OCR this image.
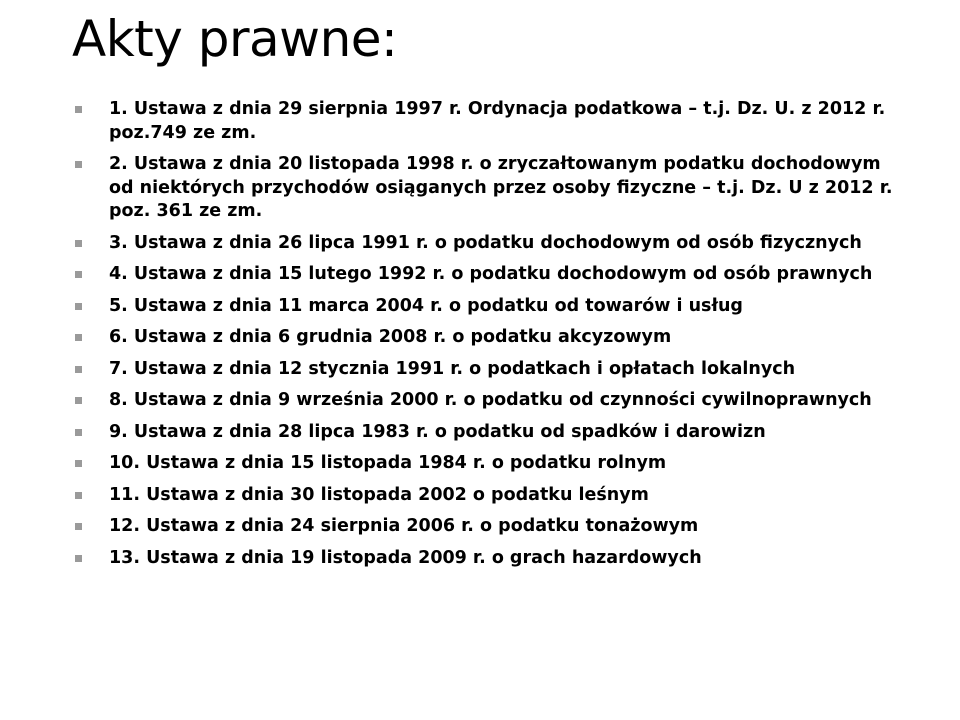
Akty prawne:
1. Ustawa z dnia 29 sierpnia 1997 r. Ordynacja podatkowa – t.j. Dz. U. z 2012 r. poz.749 ze zm.
2. Ustawa z dnia 20 listopada 1998 r. o zryczałtowanym podatku dochodowym od niektórych przychodów osiąganych przez osoby fizyczne – t.j. Dz. U z 2012 r. poz. 361 ze zm.
3. Ustawa z dnia 26 lipca 1991 r. o podatku dochodowym od osób fizycznych
4. Ustawa z dnia 15 lutego 1992 r. o podatku dochodowym od osób prawnych
5. Ustawa z dnia 11 marca 2004 r. o podatku od towarów i usług
6. Ustawa z dnia 6 grudnia 2008 r. o podatku akcyzowym
7. Ustawa z dnia 12 stycznia 1991 r. o podatkach i opłatach lokalnych
8. Ustawa z dnia 9 września 2000 r. o podatku od czynności cywilnoprawnych
9. Ustawa z dnia 28 lipca 1983 r. o podatku od spadków i darowizn
10. Ustawa z dnia 15 listopada 1984 r. o podatku rolnym
11. Ustawa z dnia 30 listopada 2002 o podatku leśnym
12. Ustawa z dnia 24 sierpnia 2006 r. o podatku tonażowym
13. Ustawa z dnia 19 listopada 2009 r. o grach hazardowych
